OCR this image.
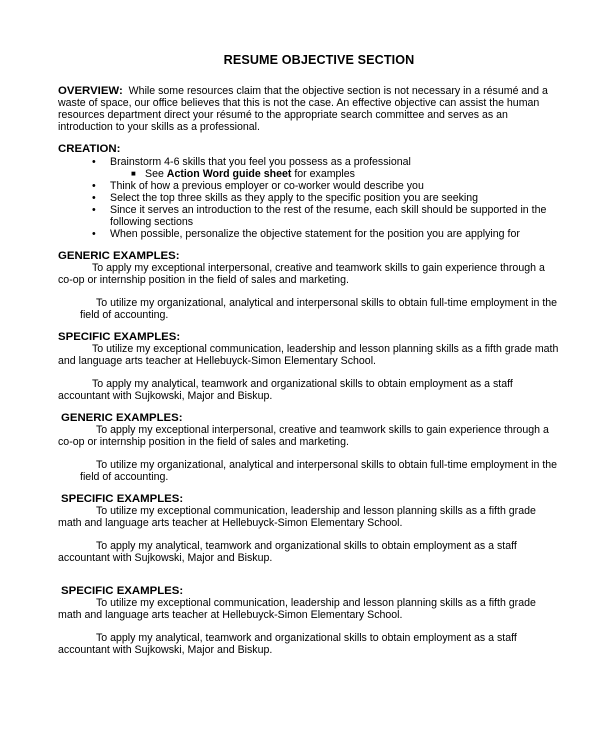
RESUME OBJECTIVE SECTION
OVERVIEW: While some resources claim that the objective section is not necessary in a résumé and a waste of space, our office believes that this is not the case. An effective objective can assist the human resources department direct your résumé to the appropriate search committee and serves as an introduction to your skills as a professional.
CREATION:
• Brainstorm 4-6 skills that you feel you possess as a professional
■ See Action Word guide sheet for examples
• Think of how a previous employer or co-worker would describe you
• Select the top three skills as they apply to the specific position you are seeking
• Since it serves an introduction to the rest of the resume, each skill should be supported in the following sections
• When possible, personalize the objective statement for the position you are applying for
GENERIC EXAMPLES:

To apply my exceptional interpersonal, creative and teamwork skills to gain experience through a co-op or internship position in the field of sales and marketing.

To utilize my organizational, analytical and interpersonal skills to obtain full-time employment in the field of accounting.

SPECIFIC EXAMPLES:

To utilize my exceptional communication, leadership and lesson planning skills as a fifth grade math and language arts teacher at Hellebuyck-Simon Elementary School.

To apply my analytical, teamwork and organizational skills to obtain employment as a staff accountant with Sujkowski, Major and Biskup.

GENERIC EXAMPLES:

To apply my exceptional interpersonal, creative and teamwork skills to gain experience through a co-op or internship position in the field of sales and marketing.

To utilize my organizational, analytical and interpersonal skills to obtain full-time employment in the field of accounting.

SPECIFIC EXAMPLES:

To utilize my exceptional communication, leadership and lesson planning skills as a fifth grade math and language arts teacher at Hellebuyck-Simon Elementary School.

To apply my analytical, teamwork and organizational skills to obtain employment as a staff accountant with Sujkowski, Major and Biskup.

SPECIFIC EXAMPLES:

To utilize my exceptional communication, leadership and lesson planning skills as a fifth grade math and language arts teacher at Hellebuyck-Simon Elementary School.

To apply my analytical, teamwork and organizational skills to obtain employment as a staff accountant with Sujkowski, Major and Biskup.
